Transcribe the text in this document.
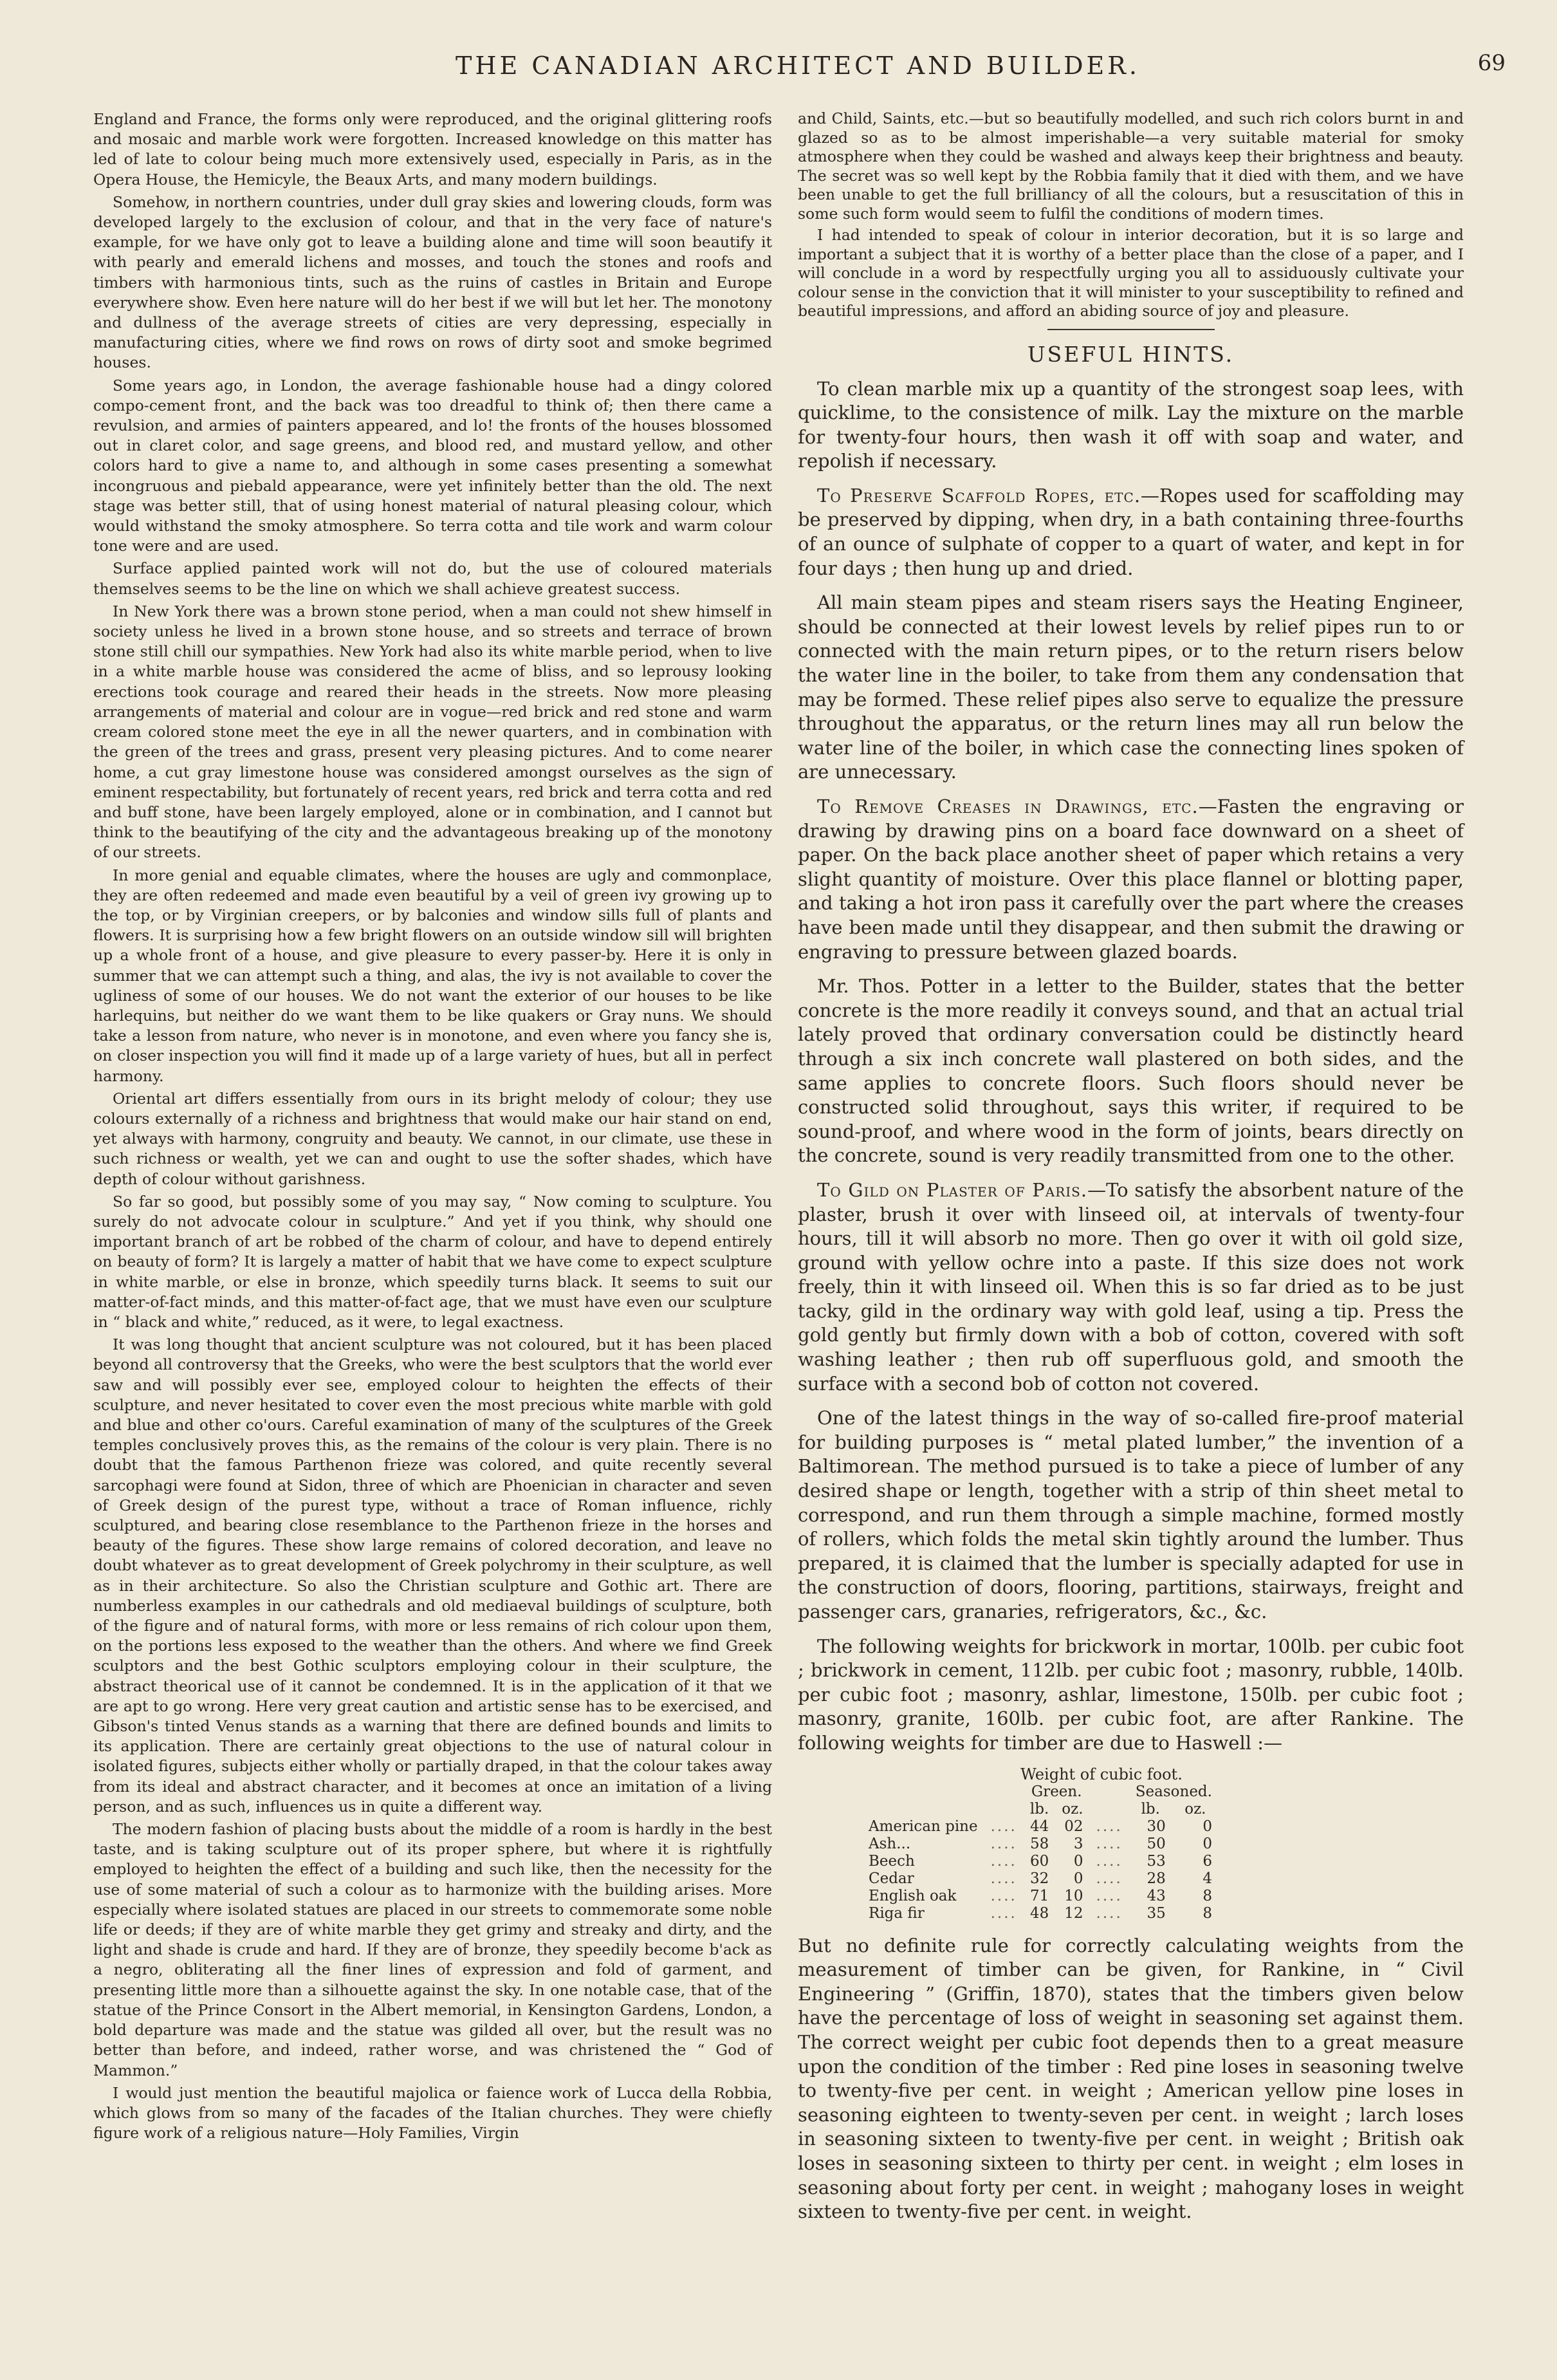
THE CANADIAN ARCHITECT AND BUILDER.	69

England and France, the forms only were reproduced, and the original glittering roofs and mosaic and marble work were forgotten. Increased knowledge on this matter has led of late to colour being much more extensively used, especially in Paris, as in the Opera House, the Hemicyle, the Beaux Arts, and many modern buildings.

Somehow, in northern countries, under dull gray skies and lowering clouds, form was developed largely to the exclusion of colour, and that in the very face of nature's example, for we have only got to leave a building alone and time will soon beautify it with pearly and emerald lichens and mosses, and touch the stones and roofs and timbers with harmonious tints, such as the ruins of castles in Britain and Europe everywhere show. Even here nature will do her best if we will but let her. The monotony and dullness of the average streets of cities are very depressing, especially in manufacturing cities, where we find rows on rows of dirty soot and smoke begrimed houses.

Some years ago, in London, the average fashionable house had a dingy colored compo-cement front, and the back was too dreadful to think of; then there came a revulsion, and armies of painters appeared, and lo! the fronts of the houses blossomed out in claret color, and sage greens, and blood red, and mustard yellow, and other colors hard to give a name to, and although in some cases presenting a somewhat incongruous and piebald appearance, were yet infinitely better than the old. The next stage was better still, that of using honest material of natural pleasing colour, which would withstand the smoky atmosphere. So terra cotta and tile work and warm colour tone were and are used.

Surface applied painted work will not do, but the use of coloured materials themselves seems to be the line on which we shall achieve greatest success.

In New York there was a brown stone period, when a man could not shew himself in society unless he lived in a brown stone house, and so streets and terrace of brown stone still chill our sympathies. New York had also its white marble period, when to live in a white marble house was considered the acme of bliss, and so leprousy looking erections took courage and reared their heads in the streets. Now more pleasing arrangements of material and colour are in vogue—red brick and red stone and warm cream colored stone meet the eye in all the newer quarters, and in combination with the green of the trees and grass, present very pleasing pictures. And to come nearer home, a cut gray limestone house was considered amongst ourselves as the sign of eminent respectability, but fortunately of recent years, red brick and terra cotta and red and buff stone, have been largely employed, alone or in combination, and I cannot but think to the beautifying of the city and the advantageous breaking up of the monotony of our streets.

In more genial and equable climates, where the houses are ugly and commonplace, they are often redeemed and made even beautiful by a veil of green ivy growing up to the top, or by Virginian creepers, or by balconies and window sills full of plants and flowers. It is surprising how a few bright flowers on an outside window sill will brighten up a whole front of a house, and give pleasure to every passer-by. Here it is only in summer that we can attempt such a thing, and alas, the ivy is not available to cover the ugliness of some of our houses. We do not want the exterior of our houses to be like harlequins, but neither do we want them to be like quakers or Gray nuns. We should take a lesson from nature, who never is in monotone, and even where you fancy she is, on closer inspection you will find it made up of a large variety of hues, but all in perfect harmony.

Oriental art differs essentially from ours in its bright melody of colour; they use colours externally of a richness and brightness that would make our hair stand on end, yet always with harmony, congruity and beauty. We cannot, in our climate, use these in such richness or wealth, yet we can and ought to use the softer shades, which have depth of colour without garishness.

So far so good, but possibly some of you may say, “ Now coming to sculpture. You surely do not advocate colour in sculpture.” And yet if you think, why should one important branch of art be robbed of the charm of colour, and have to depend entirely on beauty of form? It is largely a matter of habit that we have come to expect sculpture in white marble, or else in bronze, which speedily turns black. It seems to suit our matter-of-fact minds, and this matter-of-fact age, that we must have even our sculpture in “ black and white,” reduced, as it were, to legal exactness.

It was long thought that ancient sculpture was not coloured, but it has been placed beyond all controversy that the Greeks, who were the best sculptors that the world ever saw and will possibly ever see, employed colour to heighten the effects of their sculpture, and never hesitated to cover even the most precious white marble with gold and blue and other co'ours. Careful examination of many of the sculptures of the Greek temples conclusively proves this, as the remains of the colour is very plain. There is no doubt that the famous Parthenon frieze was colored, and quite recently several sarcophagi were found at Sidon, three of which are Phoenician in character and seven of Greek design of the purest type, without a trace of Roman influence, richly sculptured, and bearing close resemblance to the Parthenon frieze in the horses and beauty of the figures. These show large remains of colored decoration, and leave no doubt whatever as to great development of Greek polychromy in their sculpture, as well as in their architecture. So also the Christian sculpture and Gothic art. There are numberless examples in our cathedrals and old mediaeval buildings of sculpture, both of the figure and of natural forms, with more or less remains of rich colour upon them, on the portions less exposed to the weather than the others. And where we find Greek sculptors and the best Gothic sculptors employing colour in their sculpture, the abstract theorical use of it cannot be condemned. It is in the application of it that we are apt to go wrong. Here very great caution and artistic sense has to be exercised, and Gibson's tinted Venus stands as a warning that there are defined bounds and limits to its application. There are certainly great objections to the use of natural colour in isolated figures, subjects either wholly or partially draped, in that the colour takes away from its ideal and abstract character, and it becomes at once an imitation of a living person, and as such, influences us in quite a different way.

The modern fashion of placing busts about the middle of a room is hardly in the best taste, and is taking sculpture out of its proper sphere, but where it is rightfully employed to heighten the effect of a building and such like, then the necessity for the use of some material of such a colour as to harmonize with the building arises. More especially where isolated statues are placed in our streets to commemorate some noble life or deeds; if they are of white marble they get grimy and streaky and dirty, and the light and shade is crude and hard. If they are of bronze, they speedily become b'ack as a negro, obliterating all the finer lines of expression and fold of garment, and presenting little more than a silhouette against the sky. In one notable case, that of the statue of the Prince Consort in the Albert memorial, in Kensington Gardens, London, a bold departure was made and the statue was gilded all over, but the result was no better than before, and indeed, rather worse, and was christened the “ God of Mammon.”

I would just mention the beautiful majolica or faience work of Lucca della Robbia, which glows from so many of the facades of the Italian churches. They were chiefly figure work of a religious nature—Holy Families, Virgin

and Child, Saints, etc.—but so beautifully modelled, and such rich colors burnt in and glazed so as to be almost imperishable—a very suitable material for smoky atmosphere when they could be washed and always keep their brightness and beauty. The secret was so well kept by the Robbia family that it died with them, and we have been unable to get the full brilliancy of all the colours, but a resuscitation of this in some such form would seem to fulfil the conditions of modern times.

I had intended to speak of colour in interior decoration, but it is so large and important a subject that it is worthy of a better place than the close of a paper, and I will conclude in a word by respectfully urging you all to assiduously cultivate your colour sense in the conviction that it will minister to your susceptibility to refined and beautiful impressions, and afford an abiding source of joy and pleasure.

USEFUL HINTS.

To clean marble mix up a quantity of the strongest soap lees, with quicklime, to the consistence of milk. Lay the mixture on the marble for twenty-four hours, then wash it off with soap and water, and repolish if necessary.

To Preserve Scaffold Ropes, etc.—Ropes used for scaffolding may be preserved by dipping, when dry, in a bath containing three-fourths of an ounce of sulphate of copper to a quart of water, and kept in for four days ; then hung up and dried.

All main steam pipes and steam risers says the Heating Engineer, should be connected at their lowest levels by relief pipes run to or connected with the main return pipes, or to the return risers below the water line in the boiler, to take from them any condensation that may be formed. These relief pipes also serve to equalize the pressure throughout the apparatus, or the return lines may all run below the water line of the boiler, in which case the connecting lines spoken of are unnecessary.

To Remove Creases in Drawings, etc.—Fasten the engraving or drawing by drawing pins on a board face downward on a sheet of paper. On the back place another sheet of paper which retains a very slight quantity of moisture. Over this place flannel or blotting paper, and taking a hot iron pass it carefully over the part where the creases have been made until they disappear, and then submit the drawing or engraving to pressure between glazed boards.

Mr. Thos. Potter in a letter to the Builder, states that the better concrete is the more readily it conveys sound, and that an actual trial lately proved that ordinary conversation could be distinctly heard through a six inch concrete wall plastered on both sides, and the same applies to concrete floors. Such floors should never be constructed solid throughout, says this writer, if required to be sound-proof, and where wood in the form of joints, bears directly on the concrete, sound is very readily transmitted from one to the other.

To Gild on Plaster of Paris.—To satisfy the absorbent nature of the plaster, brush it over with linseed oil, at intervals of twenty-four hours, till it will absorb no more. Then go over it with oil gold size, ground with yellow ochre into a paste. If this size does not work freely, thin it with linseed oil. When this is so far dried as to be just tacky, gild in the ordinary way with gold leaf, using a tip. Press the gold gently but firmly down with a bob of cotton, covered with soft washing leather ; then rub off superfluous gold, and smooth the surface with a second bob of cotton not covered.

One of the latest things in the way of so-called fire-proof material for building purposes is “ metal plated lumber,” the invention of a Baltimorean. The method pursued is to take a piece of lumber of any desired shape or length, together with a strip of thin sheet metal to correspond, and run them through a simple machine, formed mostly of rollers, which folds the metal skin tightly around the lumber. Thus prepared, it is claimed that the lumber is specially adapted for use in the construction of doors, flooring, partitions, stairways, freight and passenger cars, granaries, refrigerators, &c., &c.

The following weights for brickwork in mortar, 100lb. per cubic foot ; brickwork in cement, 112lb. per cubic foot ; masonry, rubble, 140lb. per cubic foot ; masonry, ashlar, limestone, 150lb. per cubic foot ; masonry, granite, 160lb. per cubic foot, are after Rankine. The following weights for timber are due to Haswell :—

Weight of cubic foot.						
		Green.			Seasoned.	
		lb.	oz.		lb.	oz.
American pine	....	44	02	....	30	0
Ash...	....	58	3	....	50	0
Beech	....	60	0	....	53	6
Cedar	....	32	0	....	28	4
English oak	....	71	10	....	43	8
Riga fir	....	48	12	....	35	8

But no definite rule for correctly calculating weights from the measurement of timber can be given, for Rankine, in “ Civil Engineering ” (Griffin, 1870), states that the timbers given below have the percentage of loss of weight in seasoning set against them. The correct weight per cubic foot depends then to a great measure upon the condition of the timber : Red pine loses in seasoning twelve to twenty-five per cent. in weight ; American yellow pine loses in seasoning eighteen to twenty-seven per cent. in weight ; larch loses in seasoning sixteen to twenty-five per cent. in weight ; British oak loses in seasoning sixteen to thirty per cent. in weight ; elm loses in seasoning about forty per cent. in weight ; mahogany loses in weight sixteen to twenty-five per cent. in weight.
